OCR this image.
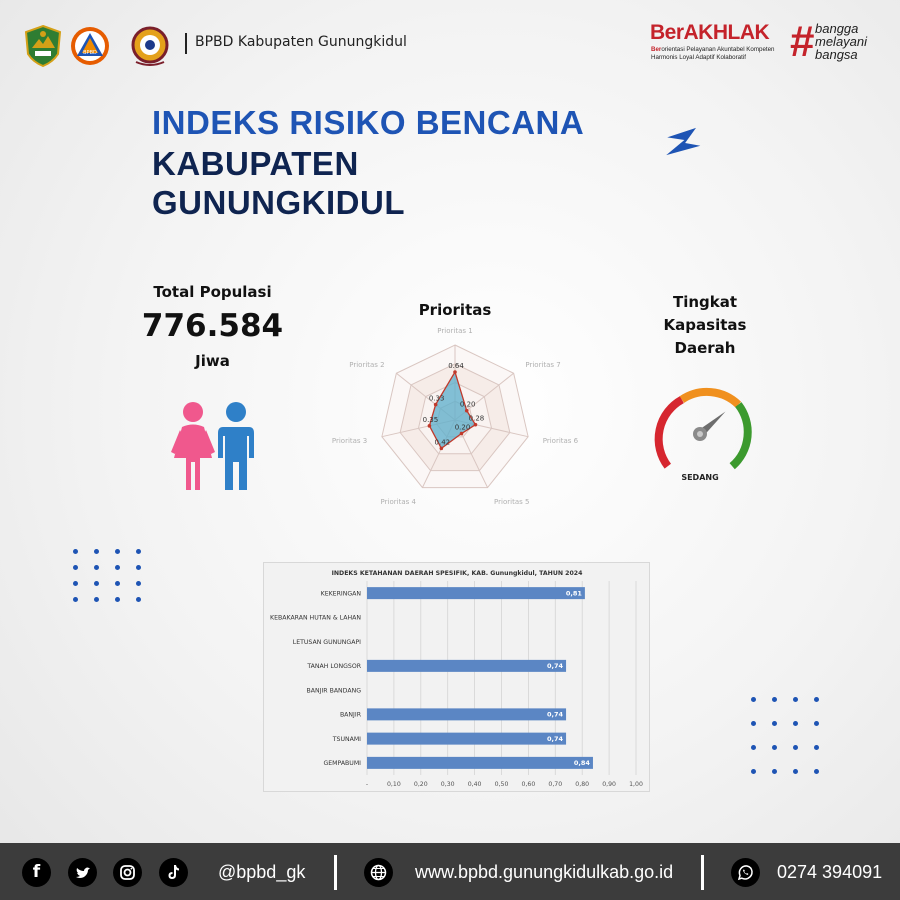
BPBD
BPBD Kabupaten Gunungkidul	BerAKHLAK
Berorientasi Pelayanan Akuntabel Kompeten
Harmonis Loyal Adaptif Kolaboratif # bangga
melayani
bangsa
INDEKS RISIKO BENCANA
KABUPATEN
GUNUNGKIDUL
Total Populasi
776.584
Jiwa
Prioritas
0.64
0.20
0.28
0.20
0.42
0.35
0.33
Prioritas 1
Prioritas 7
Prioritas 6
Prioritas 5
Prioritas 4
Prioritas 3
Prioritas 2
Tingkat
Kapasitas
Daerah
SEDANG
INDEKS KETAHANAN DAERAH SPESIFIK, KAB. Gunungkidul, TAHUN 2024
-	0,10 0,20 0,30 0,40 0,50 0,60 0,70 0,80 0,90 1,00
KEKERINGAN	0,81
KEBAKARAN HUTAN & LAHAN
LETUSAN GUNUNGAPI
TANAH LONGSOR	0,74
BANJIR BANDANG
BANJIR	0,74
TSUNAMI	0,74
GEMPABUMI	0,84
f	@bpbd_gk	www.bpbd.gunungkidulkab.go.id	0274 394091
